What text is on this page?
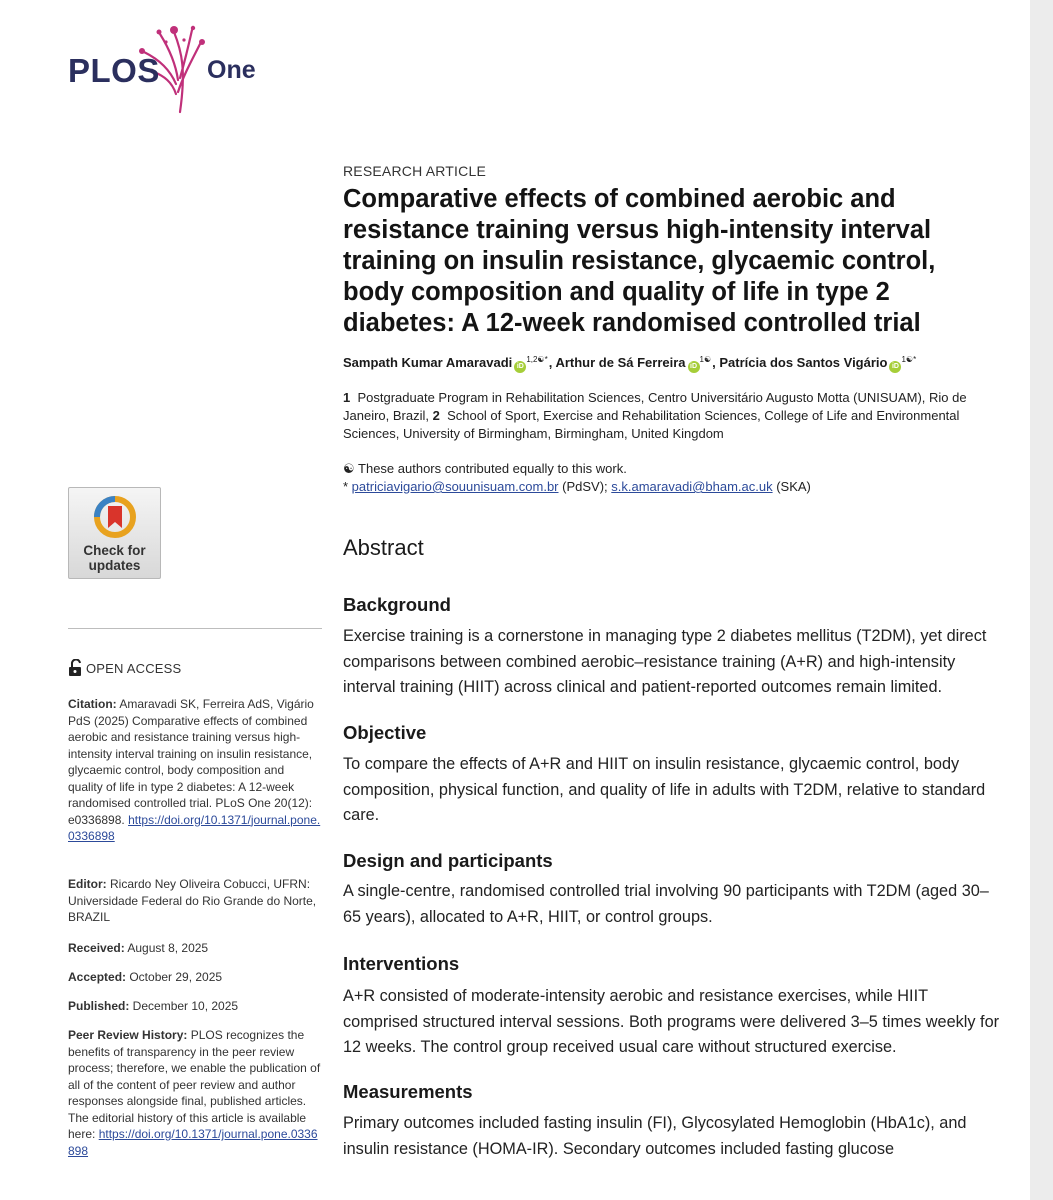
PLOS One
Check for
updates
OPEN ACCESS
Citation: Amaravadi SK, Ferreira AdS, Vigário PdS (2025) Comparative effects of combined aerobic and resistance training versus high-intensity interval training on insulin resistance, glycaemic control, body composition and quality of life in type 2 diabetes: A 12-week randomised controlled trial. PLoS One 20(12): e0336898. https://doi.org/10.1371/journal.pone.0336898
Editor: Ricardo Ney Oliveira Cobucci, UFRN: Universidade Federal do Rio Grande do Norte, BRAZIL
Received: August 8, 2025
Accepted: October 29, 2025
Published: December 10, 2025
Peer Review History: PLOS recognizes the benefits of transparency in the peer review process; therefore, we enable the publication of all of the content of peer review and author responses alongside final, published articles. The editorial history of this article is available here: https://doi.org/10.1371/journal.pone.0336898
RESEARCH ARTICLE
Comparative effects of combined aerobic and resistance training versus high-intensity interval training on insulin resistance, glycaemic control, body composition and quality of life in type 2 diabetes: A 12-week randomised controlled trial
Sampath Kumar Amaravadi iD$^{1,2☯*}$, Arthur de Sá Ferreira iD$^{1☯}$, Patrícia dos Santos Vigário iD$^{1☯*}$
1 Postgraduate Program in Rehabilitation Sciences, Centro Universitário Augusto Motta (UNISUAM), Rio de Janeiro, Brazil, 2 School of Sport, Exercise and Rehabilitation Sciences, College of Life and Environmental Sciences, University of Birmingham, Birmingham, United Kingdom
☯ These authors contributed equally to this work.
* patriciavigario@souunisuam.com.br (PdSV); s.k.amaravadi@bham.ac.uk (SKA)
Abstract
Background
Exercise training is a cornerstone in managing type 2 diabetes mellitus (T2DM), yet direct comparisons between combined aerobic–resistance training (A+R) and high-intensity interval training (HIIT) across clinical and patient-reported outcomes remain limited.
Objective
To compare the effects of A+R and HIIT on insulin resistance, glycaemic control, body composition, physical function, and quality of life in adults with T2DM, relative to standard care.
Design and participants
A single-centre, randomised controlled trial involving 90 participants with T2DM (aged 30–65 years), allocated to A+R, HIIT, or control groups.
Interventions
A+R consisted of moderate-intensity aerobic and resistance exercises, while HIIT comprised structured interval sessions. Both programs were delivered 3–5 times weekly for 12 weeks. The control group received usual care without structured exercise.
Measurements
Primary outcomes included fasting insulin (FI), Glycosylated Hemoglobin (HbA1c), and insulin resistance (HOMA-IR). Secondary outcomes included fasting glucose
